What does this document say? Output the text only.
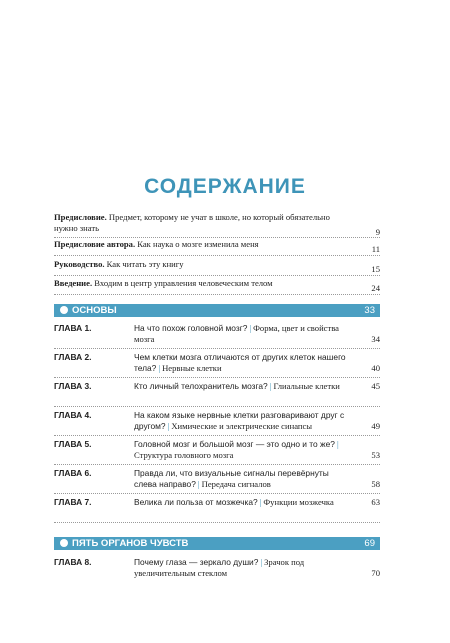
СОДЕРЖАНИЕ
Предисловие. Предмет, которому не учат в школе, но который обязательно нужно знать	9
Предисловие автора. Как наука о мозге изменила меня	11
Руководство. Как читать эту книгу	15
Введение. Входим в центр управления человеческим телом	24
ОСНОВЫ	33
ГЛАВА 1.	На что похож головной мозг? | Форма, цвет и свойства мозга	34
ГЛАВА 2.	Чем клетки мозга отличаются от других клеток нашего тела? | Нервные клетки	40
ГЛАВА 3.	Кто личный телохранитель мозга? | Глиальные клетки	45
ГЛАВА 4.	На каком языке нервные клетки разговаривают друг с другом? | Химические и электрические синапсы	49
ГЛАВА 5.	Головной мозг и большой мозг — это одно и то же? |Структура головного мозга	53
ГЛАВА 6.	Правда ли, что визуальные сигналы перевёрнуты слева направо? | Передача сигналов	58
ГЛАВА 7.	Велика ли польза от мозжечка? | Функции мозжечка	63
ПЯТЬ ОРГАНОВ ЧУВСТВ	69
ГЛАВА 8.	Почему глаза — зеркало души? | Зрачок под увеличительным стеклом	70
